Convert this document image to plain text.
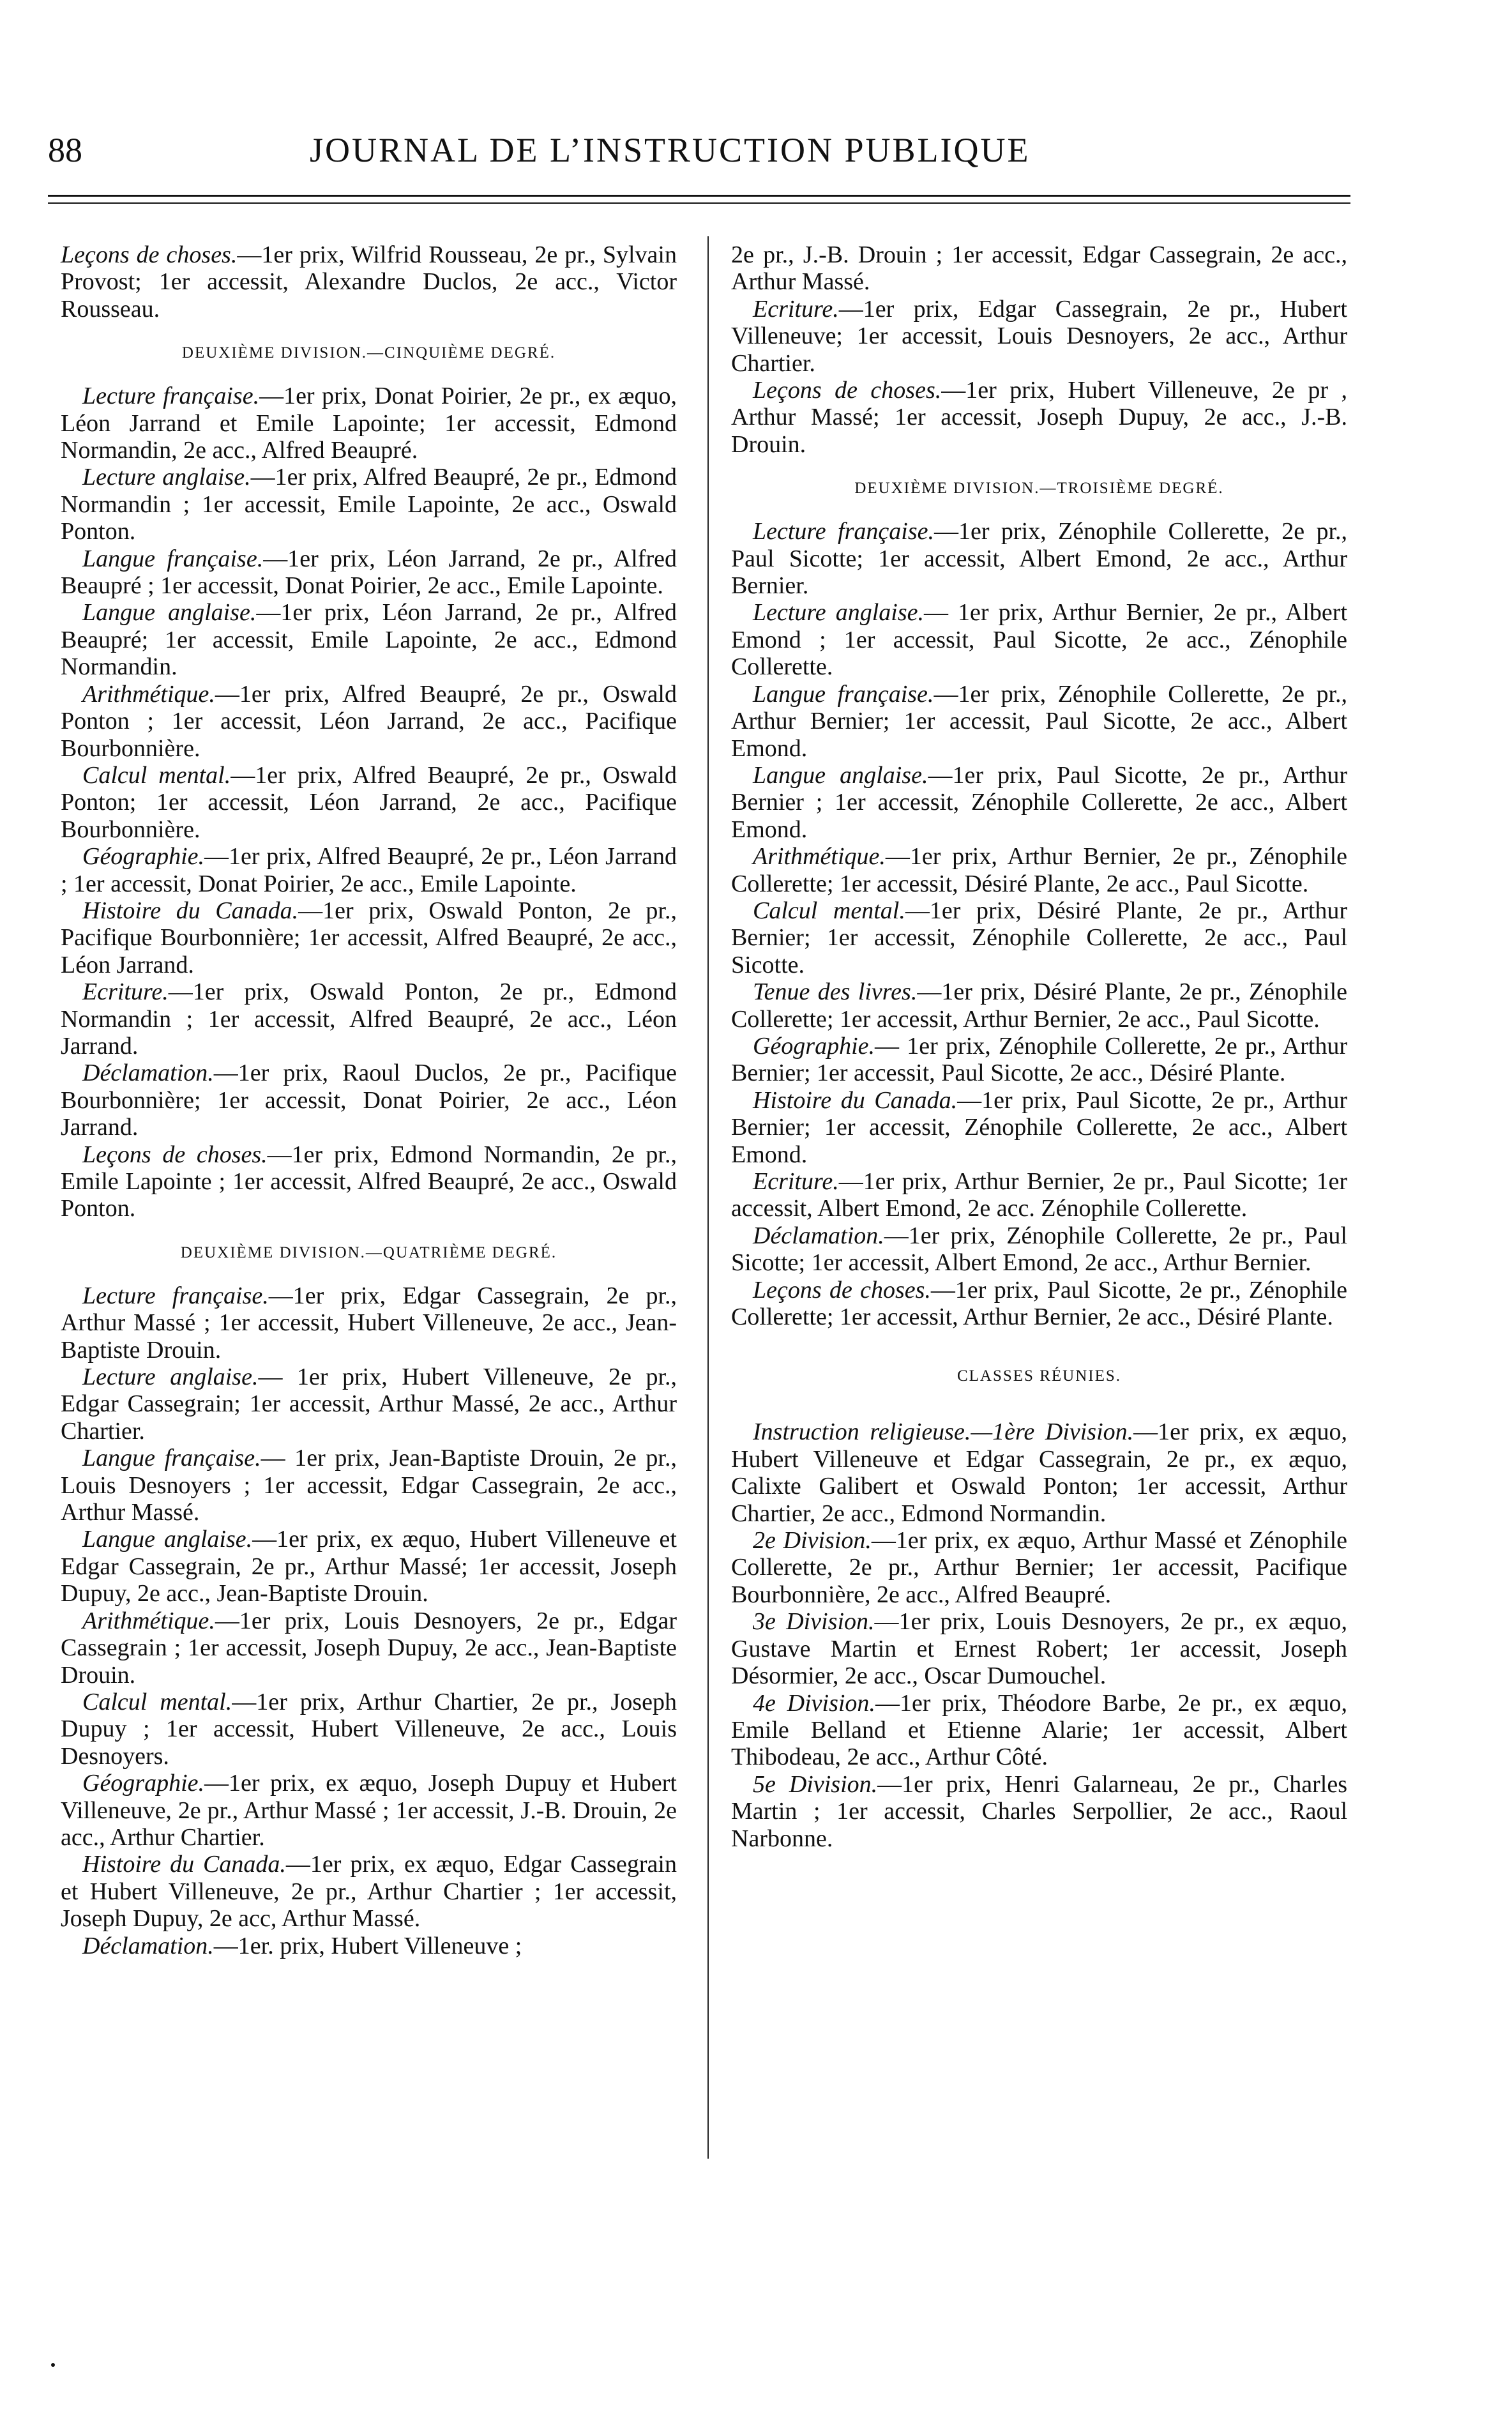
88	JOURNAL DE L’INSTRUCTION PUBLIQUE

Leçons de choses.—1er prix, Wilfrid Rousseau, 2e pr., Sylvain Provost; 1er accessit, Alexandre Duclos, 2e acc., Victor Rousseau.

DEUXIÈME DIVISION.—CINQUIÈME DEGRÉ.

Lecture française.—1er prix, Donat Poirier, 2e pr., ex æquo, Léon Jarrand et Emile Lapointe; 1er accessit, Edmond Normandin, 2e acc., Alfred Beaupré.

Lecture anglaise.—1er prix, Alfred Beaupré, 2e pr., Edmond Normandin ; 1er accessit, Emile Lapointe, 2e acc., Oswald Ponton.

Langue française.—1er prix, Léon Jarrand, 2e pr., Alfred Beaupré ; 1er accessit, Donat Poirier, 2e acc., Emile Lapointe.

Langue anglaise.—1er prix, Léon Jarrand, 2e pr., Alfred Beaupré; 1er accessit, Emile Lapointe, 2e acc., Edmond Normandin.

Arithmétique.—1er prix, Alfred Beaupré, 2e pr., Oswald Ponton ; 1er accessit, Léon Jarrand, 2e acc., Pacifique Bourbonnière.

Calcul mental.—1er prix, Alfred Beaupré, 2e pr., Oswald Ponton; 1er accessit, Léon Jarrand, 2e acc., Pacifique Bourbonnière.

Géographie.—1er prix, Alfred Beaupré, 2e pr., Léon Jarrand ; 1er accessit, Donat Poirier, 2e acc., Emile Lapointe.

Histoire du Canada.—1er prix, Oswald Ponton, 2e pr., Pacifique Bourbonnière; 1er accessit, Alfred Beaupré, 2e acc., Léon Jarrand.

Ecriture.—1er prix, Oswald Ponton, 2e pr., Edmond Normandin ; 1er accessit, Alfred Beaupré, 2e acc., Léon Jarrand.

Déclamation.—1er prix, Raoul Duclos, 2e pr., Pacifique Bourbonnière; 1er accessit, Donat Poirier, 2e acc., Léon Jarrand.

Leçons de choses.—1er prix, Edmond Normandin, 2e pr., Emile Lapointe ; 1er accessit, Alfred Beaupré, 2e acc., Oswald Ponton.

DEUXIÈME DIVISION.—QUATRIÈME DEGRÉ.

Lecture française.—1er prix, Edgar Cassegrain, 2e pr., Arthur Massé ; 1er accessit, Hubert Villeneuve, 2e acc., Jean-Baptiste Drouin.

Lecture anglaise.— 1er prix, Hubert Villeneuve, 2e pr., Edgar Cassegrain; 1er accessit, Arthur Massé, 2e acc., Arthur Chartier.

Langue française.— 1er prix, Jean-Baptiste Drouin, 2e pr., Louis Desnoyers ; 1er accessit, Edgar Cassegrain, 2e acc., Arthur Massé.

Langue anglaise.—1er prix, ex æquo, Hubert Villeneuve et Edgar Cassegrain, 2e pr., Arthur Massé; 1er accessit, Joseph Dupuy, 2e acc., Jean-Baptiste Drouin.

Arithmétique.—1er prix, Louis Desnoyers, 2e pr., Edgar Cassegrain ; 1er accessit, Joseph Dupuy, 2e acc., Jean-Baptiste Drouin.

Calcul mental.—1er prix, Arthur Chartier, 2e pr., Joseph Dupuy ; 1er accessit, Hubert Villeneuve, 2e acc., Louis Desnoyers.

Géographie.—1er prix, ex æquo, Joseph Dupuy et Hubert Villeneuve, 2e pr., Arthur Massé ; 1er accessit, J.-B. Drouin, 2e acc., Arthur Chartier.

Histoire du Canada.—1er prix, ex æquo, Edgar Cassegrain et Hubert Villeneuve, 2e pr., Arthur Chartier ; 1er accessit, Joseph Dupuy, 2e acc, Arthur Massé.

Déclamation.—1er. prix, Hubert Villeneuve ;

2e pr., J.-B. Drouin ; 1er accessit, Edgar Cassegrain, 2e acc., Arthur Massé.

Ecriture.—1er prix, Edgar Cassegrain, 2e pr., Hubert Villeneuve; 1er accessit, Louis Desnoyers, 2e acc., Arthur Chartier.

Leçons de choses.—1er prix, Hubert Villeneuve, 2e pr , Arthur Massé; 1er accessit, Joseph Dupuy, 2e acc., J.-B. Drouin.

DEUXIÈME DIVISION.—TROISIÈME DEGRÉ.

Lecture française.—1er prix, Zénophile Collerette, 2e pr., Paul Sicotte; 1er accessit, Albert Emond, 2e acc., Arthur Bernier.

Lecture anglaise.— 1er prix, Arthur Bernier, 2e pr., Albert Emond ; 1er accessit, Paul Sicotte, 2e acc., Zénophile Collerette.

Langue française.—1er prix, Zénophile Collerette, 2e pr., Arthur Bernier; 1er accessit, Paul Sicotte, 2e acc., Albert Emond.

Langue anglaise.—1er prix, Paul Sicotte, 2e pr., Arthur Bernier ; 1er accessit, Zénophile Collerette, 2e acc., Albert Emond.

Arithmétique.—1er prix, Arthur Bernier, 2e pr., Zénophile Collerette; 1er accessit, Désiré Plante, 2e acc., Paul Sicotte.

Calcul mental.—1er prix, Désiré Plante, 2e pr., Arthur Bernier; 1er accessit, Zénophile Collerette, 2e acc., Paul Sicotte.

Tenue des livres.—1er prix, Désiré Plante, 2e pr., Zénophile Collerette; 1er accessit, Arthur Bernier, 2e acc., Paul Sicotte.

Géographie.— 1er prix, Zénophile Collerette, 2e pr., Arthur Bernier; 1er accessit, Paul Sicotte, 2e acc., Désiré Plante.

Histoire du Canada.—1er prix, Paul Sicotte, 2e pr., Arthur Bernier; 1er accessit, Zénophile Collerette, 2e acc., Albert Emond.

Ecriture.—1er prix, Arthur Bernier, 2e pr., Paul Sicotte; 1er accessit, Albert Emond, 2e acc. Zénophile Collerette.

Déclamation.—1er prix, Zénophile Collerette, 2e pr., Paul Sicotte; 1er accessit, Albert Emond, 2e acc., Arthur Bernier.

Leçons de choses.—1er prix, Paul Sicotte, 2e pr., Zénophile Collerette; 1er accessit, Arthur Bernier, 2e acc., Désiré Plante.

CLASSES RÉUNIES.

Instruction religieuse.—1ère Division.—1er prix, ex æquo, Hubert Villeneuve et Edgar Cassegrain, 2e pr., ex æquo, Calixte Galibert et Oswald Ponton; 1er accessit, Arthur Chartier, 2e acc., Edmond Normandin.

2e Division.—1er prix, ex æquo, Arthur Massé et Zénophile Collerette, 2e pr., Arthur Bernier; 1er accessit, Pacifique Bourbonnière, 2e acc., Alfred Beaupré.

3e Division.—1er prix, Louis Desnoyers, 2e pr., ex æquo, Gustave Martin et Ernest Robert; 1er accessit, Joseph Désormier, 2e acc., Oscar Dumouchel.

4e Division.—1er prix, Théodore Barbe, 2e pr., ex æquo, Emile Belland et Etienne Alarie; 1er accessit, Albert Thibodeau, 2e acc., Arthur Côté.

5e Division.—1er prix, Henri Galarneau, 2e pr., Charles Martin ; 1er accessit, Charles Serpollier, 2e acc., Raoul Narbonne.
